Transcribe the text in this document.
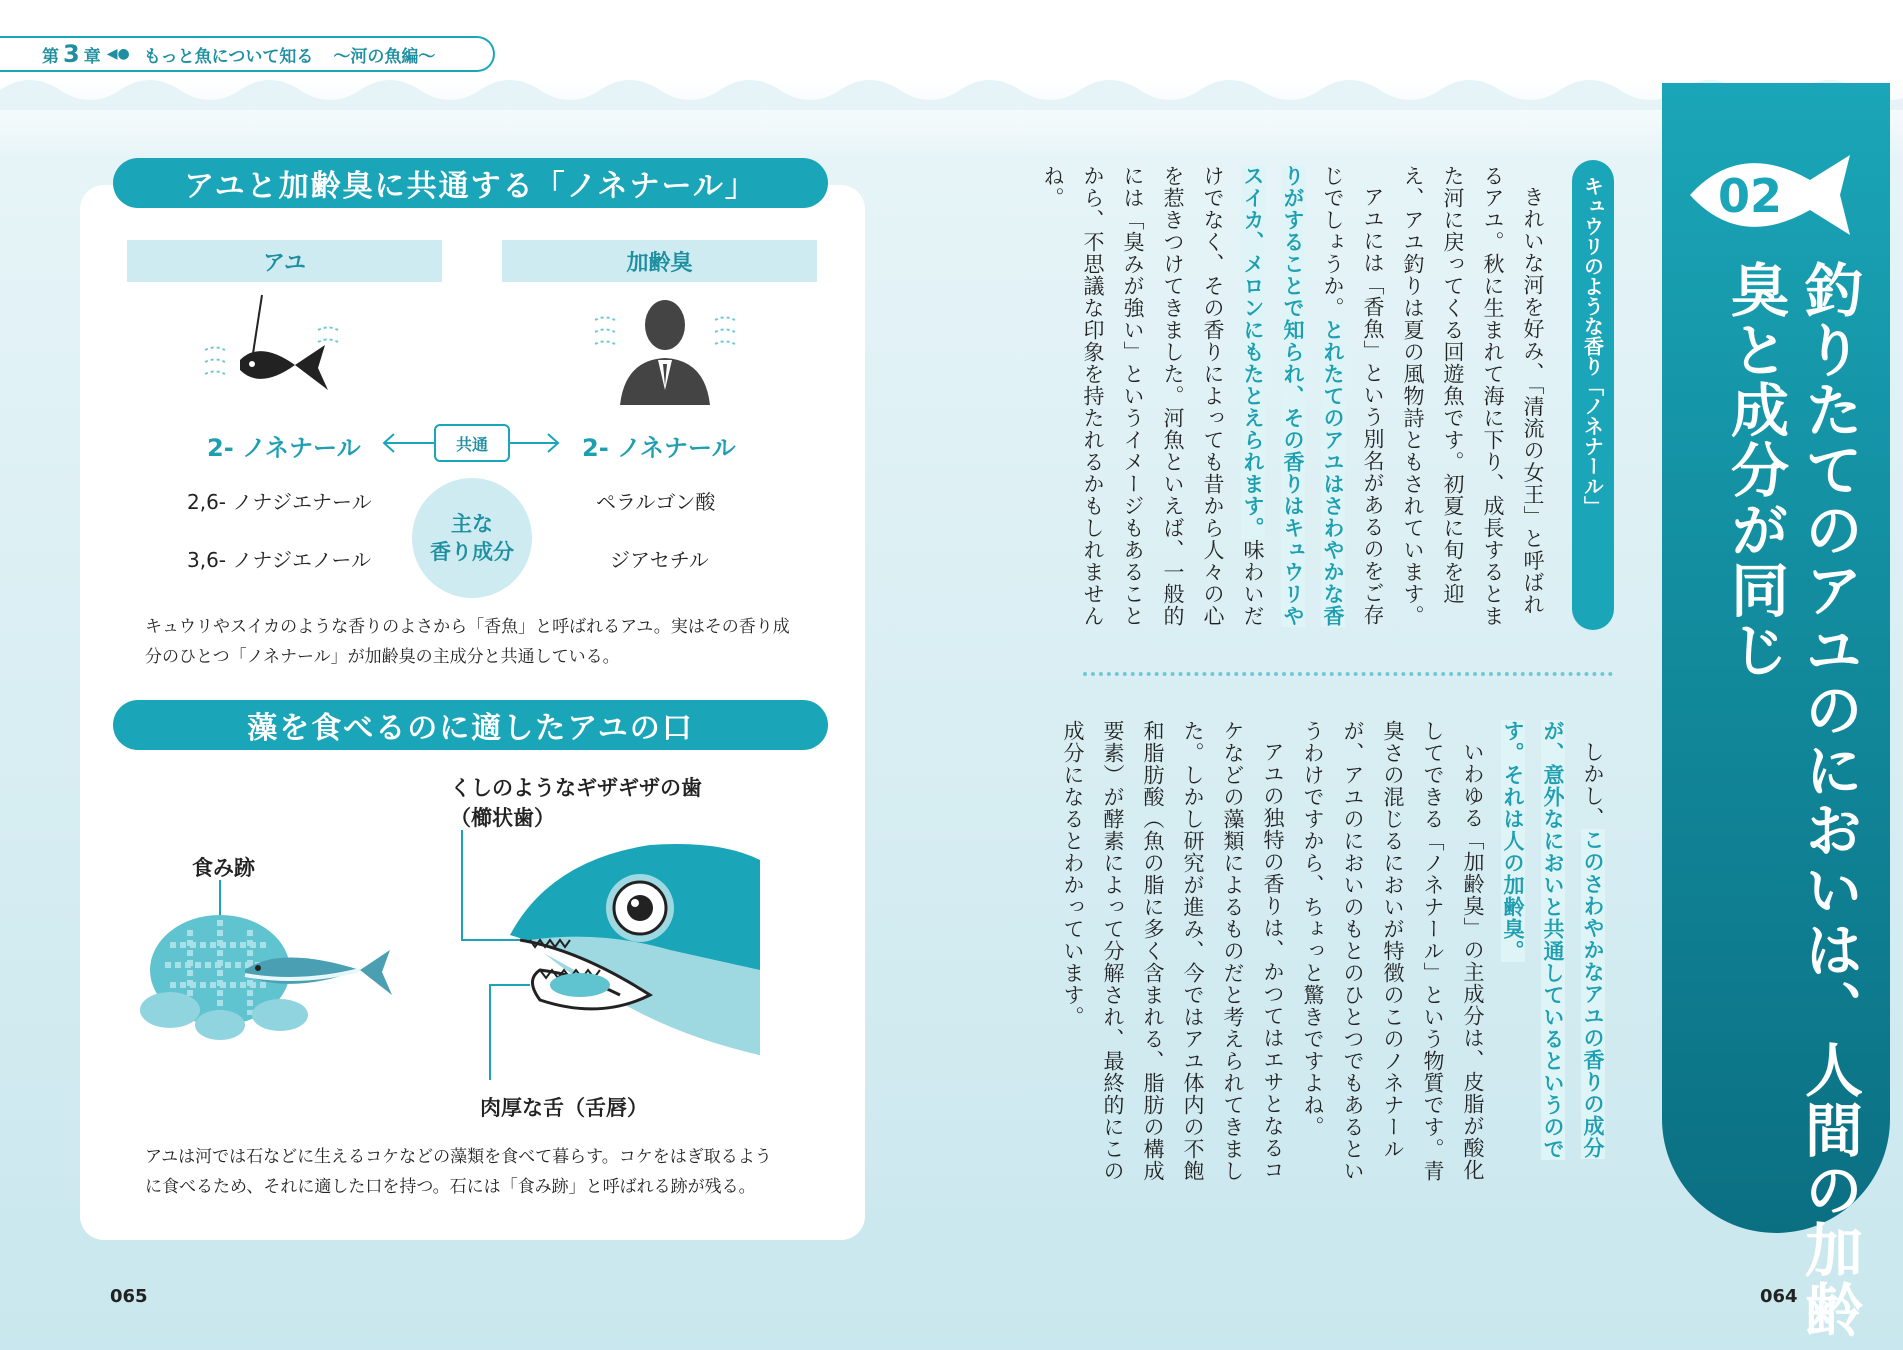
第 3 章 ◀● もっと魚について知る 〜河の魚編〜
アユと加齢臭に共通する「ノネナール」
アユ	加齢臭
2- ノネナール	2- ノネナール
共通
主な
香り成分
2,6- ノナジエナール
3,6- ノナジエノール
ペラルゴン酸
ジアセチル
キュウリやスイカのような香りのよさから「香魚」と呼ばれるアユ。実はその香り成
分のひとつ「ノネナール」が加齢臭の主成分と共通している。
藻を食べるのに適したアユの口
くしのようなギザギザの歯
（櫛状歯）
食み跡
肉厚な舌（舌唇）
アユは河では石などに生えるコケなどの藻類を食べて暮らす。コケをはぎ取るよう
に食べるため、それに適した口を持つ。石には「食み跡」と呼ばれる跡が残る。
065
02
釣りたてのアユのにおいは、人間の加齢臭と成分が同じ
キュウリのような香り「ノネナール」

きれいな河を好み、「清流の女王」と呼ばれるアユ。秋に生まれて海に下り、成長するとまた河に戻ってくる回遊魚です。初夏に旬を迎え、アユ釣りは夏の風物詩ともされています。

アユには「香魚」という別名があるのをご存じでしょうか。とれたてのアユはさわやかな香りがすることで知られ、その香りはキュウリやスイカ、メロンにもたとえられます。味わいだけでなく、その香りによっても昔から人々の心を惹きつけてきました。河魚といえば、一般的には「臭みが強い」というイメージもあることから、不思議な印象を持たれるかもしれませんね。

しかし、このさわやかなアユの香りの成分が、意外なにおいと共通しているというのです。それは人の加齢臭。

いわゆる「加齢臭」の主成分は、皮脂が酸化してできる「ノネナール」という物質です。青臭さの混じるにおいが特徴のこのノネナールが、アユのにおいのもとのひとつでもあるというわけですから、ちょっと驚きですよね。

アユの独特の香りは、かつてはエサとなるコケなどの藻類によるものだと考えられてきました。しかし研究が進み、今ではアユ体内の不飽和脂肪酸（魚の脂に多く含まれる、脂肪の構成要素）が酵素によって分解され、最終的にこの成分になるとわかっています。

064
